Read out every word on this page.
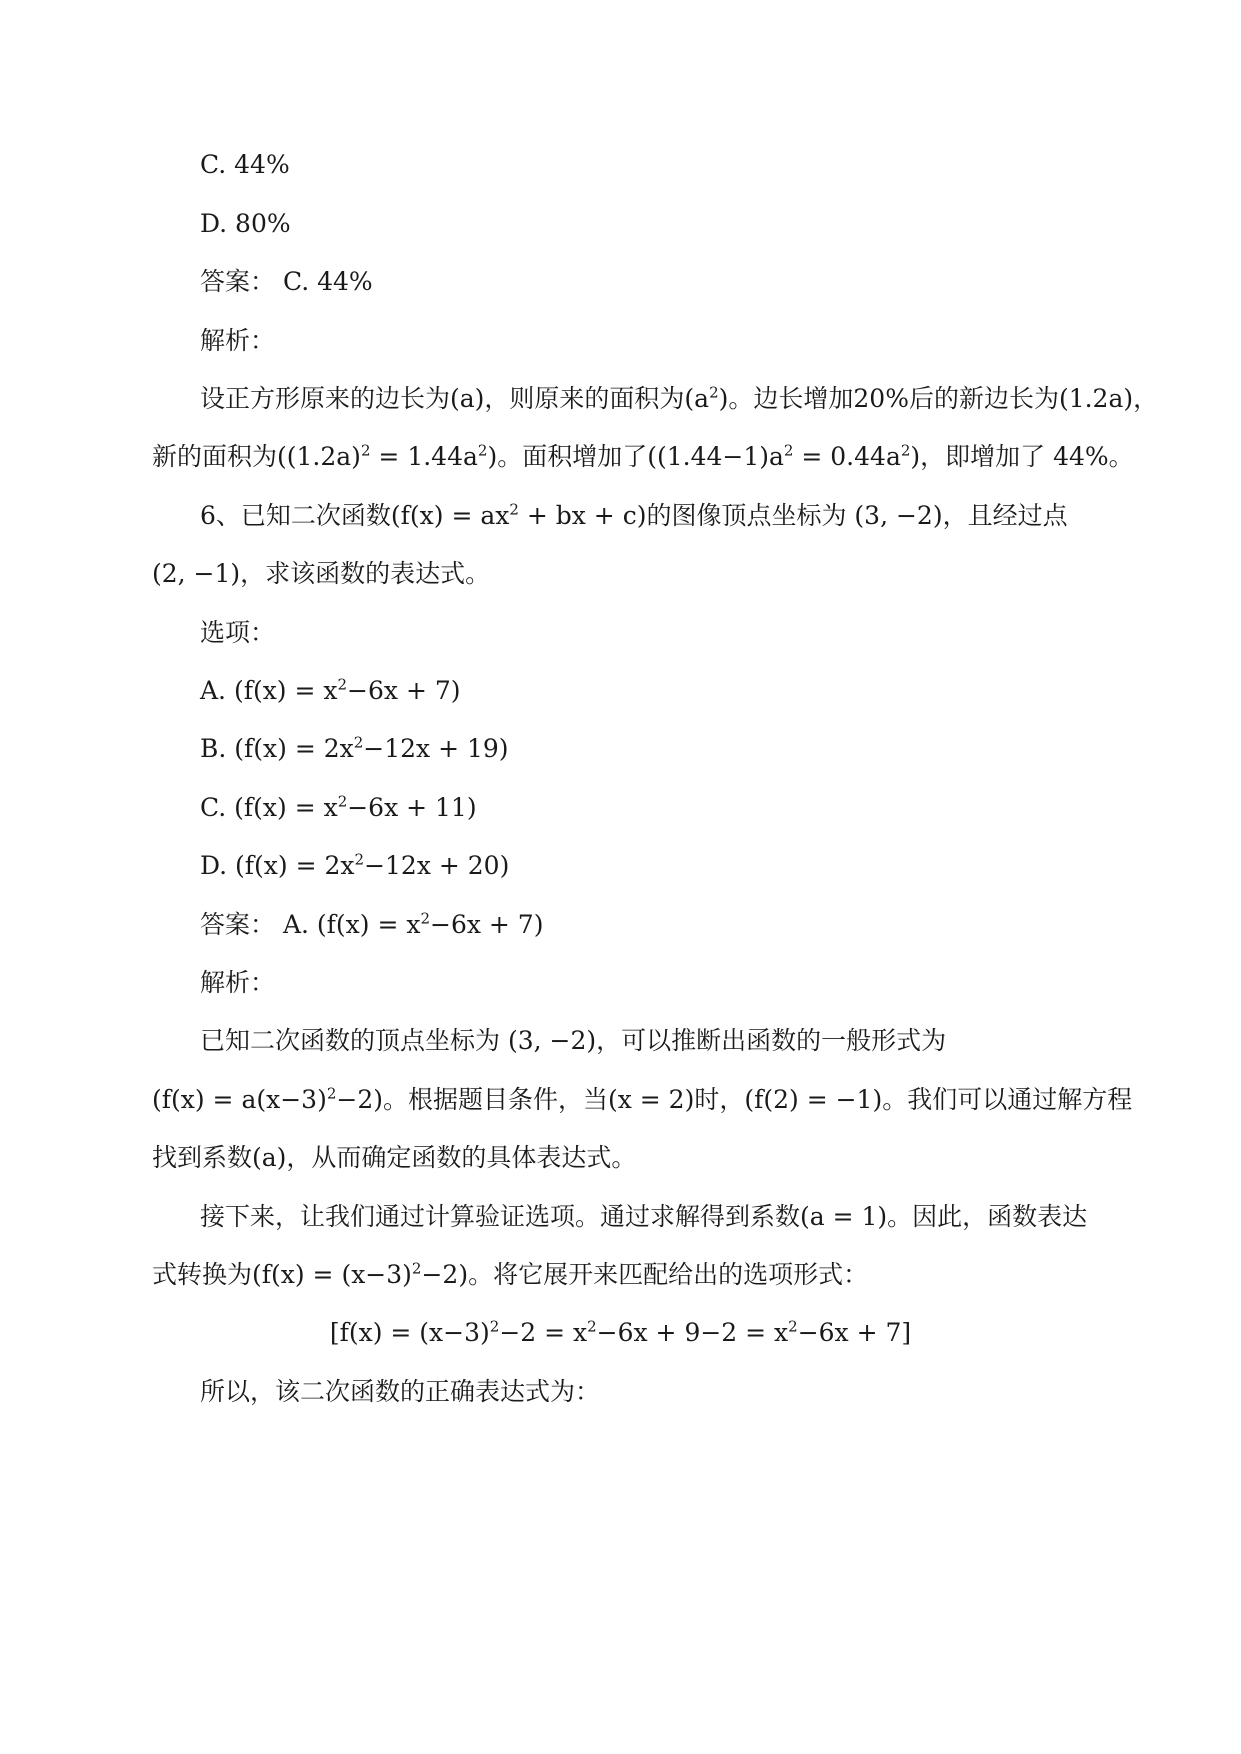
C. 44%
D. 80%
答案： C. 44%
解析：
设正方形原来的边长为(a)，则原来的面积为$(a^2)$。边长增加20%后的新边长为(1.2a)，
新的面积为$((1.2a)^2 = 1.44a^2)$。面积增加了$((1.44-1)a^2 = 0.44a^2)$，即增加了 44%。
6、已知二次函数($f(x) = ax^2$ + bx + c)的图像顶点坐标为 (3, −2)，且经过点
(2, −1)，求该函数的表达式。
选项：
A. $(f(x) = x^2-6x + 7)$
B. $(f(x) = 2x^2-12x + 19)$
C. $(f(x) = x^2-6x + 11)$
D. $(f(x) = 2x^2-12x + 20)$
答案： A. $(f(x) = x^2-6x + 7)$
解析：
已知二次函数的顶点坐标为 (3, −2)，可以推断出函数的一般形式为
$(f(x) = a(x-3)^2-2)$。根据题目条件，当(x = 2)时，(f(2) = −1)。我们可以通过解方程
找到系数(a)，从而确定函数的具体表达式。
接下来，让我们通过计算验证选项。通过求解得到系数(a = 1)。因此，函数表达
式转换为$(f(x) = (x-3)^2-2)$。将它展开来匹配给出的选项形式：
$[f(x) = (x-3)^2-2 = x^2-6x + 9-2 = x^2-6x + 7]$
所以，该二次函数的正确表达式为：
